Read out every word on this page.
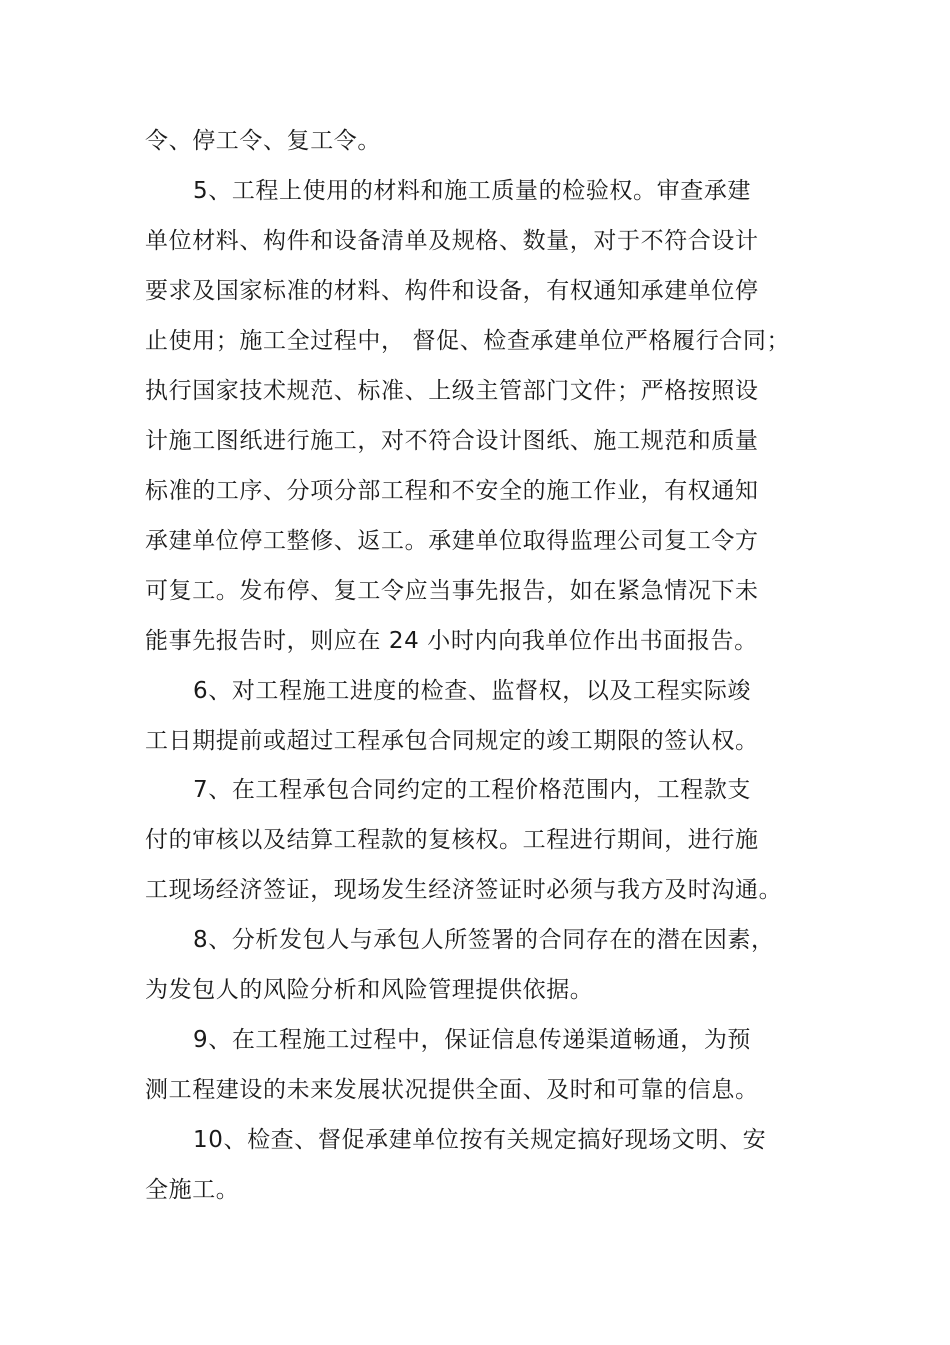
令、停工令、复工令。
5、工程上使用的材料和施工质量的检验权。审查承建
单位材料、构件和设备清单及规格、数量，对于不符合设计
要求及国家标准的材料、构件和设备，有权通知承建单位停
止使用；施工全过程中， 督促、检查承建单位严格履行合同；
执行国家技术规范、标准、上级主管部门文件；严格按照设
计施工图纸进行施工，对不符合设计图纸、施工规范和质量
标准的工序、分项分部工程和不安全的施工作业，有权通知
承建单位停工整修、返工。承建单位取得监理公司复工令方
可复工。发布停、复工令应当事先报告，如在紧急情况下未
能事先报告时，则应在 24 小时内向我单位作出书面报告。
6、对工程施工进度的检查、监督权，以及工程实际竣
工日期提前或超过工程承包合同规定的竣工期限的签认权。
7、在工程承包合同约定的工程价格范围内，工程款支
付的审核以及结算工程款的复核权。工程进行期间，进行施
工现场经济签证，现场发生经济签证时必须与我方及时沟通。
8、分析发包人与承包人所签署的合同存在的潜在因素，
为发包人的风险分析和风险管理提供依据。
9、在工程施工过程中，保证信息传递渠道畅通，为预
测工程建设的未来发展状况提供全面、及时和可靠的信息。
10、检查、督促承建单位按有关规定搞好现场文明、安
全施工。
